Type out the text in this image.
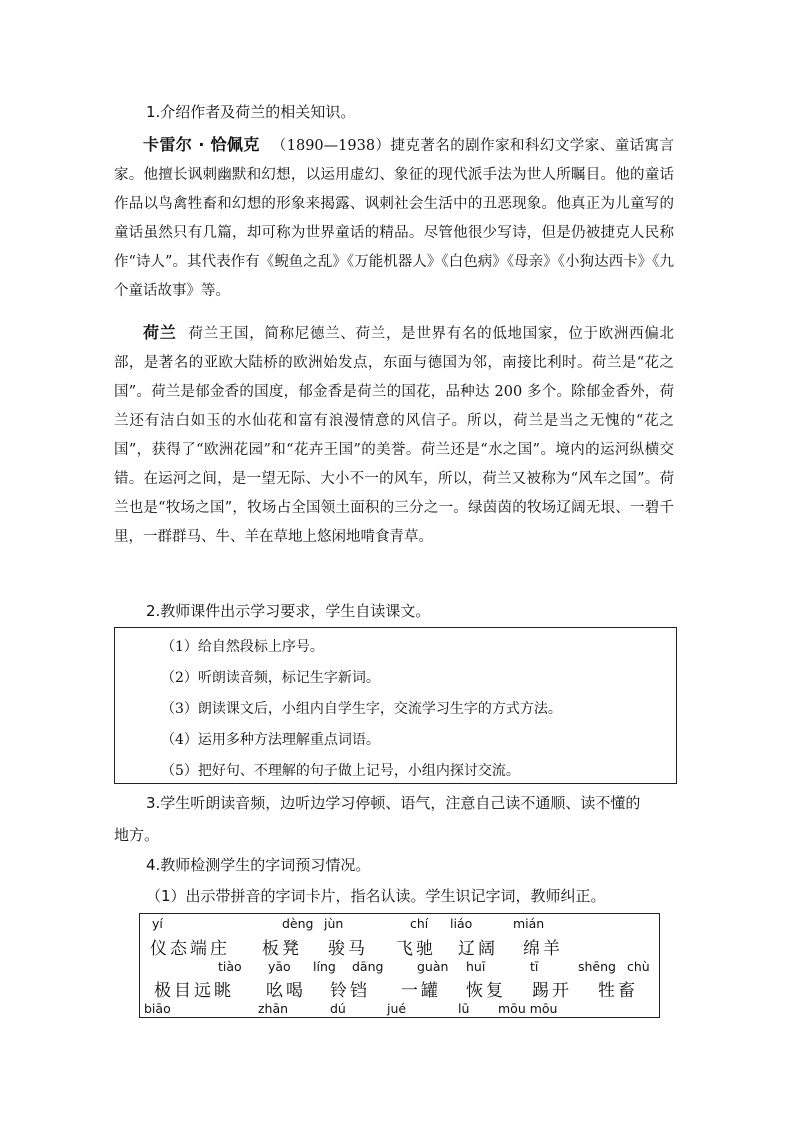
1.介绍作者及荷兰的相关知识。

卡雷尔 · 恰佩克 （1890—1938）捷克著名的剧作家和科幻文学家、童话寓言家。他擅长讽刺幽默和幻想，以运用虚幻、象征的现代派手法为世人所瞩目。他的童话作品以鸟禽牲畜和幻想的形象来揭露、讽刺社会生活中的丑恶现象。他真正为儿童写的童话虽然只有几篇，却可称为世界童话的精品。尽管他很少写诗，但是仍被捷克人民称作“诗人”。其代表作有《鲵鱼之乱》《万能机器人》《白色病》《母亲》《小狗达西卡》《九个童话故事》等。

荷兰 荷兰王国，简称尼德兰、荷兰，是世界有名的低地国家，位于欧洲西偏北部，是著名的亚欧大陆桥的欧洲始发点，东面与德国为邻，南接比利时。荷兰是“花之国”。荷兰是郁金香的国度，郁金香是荷兰的国花，品种达 200 多个。除郁金香外，荷兰还有洁白如玉的水仙花和富有浪漫情意的风信子。所以，荷兰是当之无愧的“花之国”，获得了“欧洲花园”和“花卉王国”的美誉。荷兰还是“水之国”。境内的运河纵横交错。在运河之间，是一望无际、大小不一的风车，所以，荷兰又被称为“风车之国”。荷兰也是“牧场之国”，牧场占全国领土面积的三分之一。绿茵茵的牧场辽阔无垠、一碧千里，一群群马、牛、羊在草地上悠闲地啃食青草。

2.教师课件出示学习要求，学生自读课文。
（1）给自然段标上序号。
（2）听朗读音频，标记生字新词。
（3）朗读课文后，小组内自学生字，交流学习生字的方式方法。
（4）运用多种方法理解重点词语。
（5）把好句、不理解的句子做上记号，小组内探讨交流。
3.学生听朗读音频，边听边学习停顿、语气，注意自己读不通顺、读不懂的
地方。
4.教师检测学生的字词预习情况。
（1）出示带拼音的字词卡片，指名认读。学生识记字词，教师纠正。
yí	dèng jùn	chí liáo	mián
仪态端庄 板凳 骏马 飞驰 辽阔 绵羊
tiào yāo líng dāng	guàn huī	tī	shēng chù
极目远眺 吆喝 铃铛 一罐 恢复 踢开 牲畜
biāo	zhān	dú	jué	lū mōu mōu
